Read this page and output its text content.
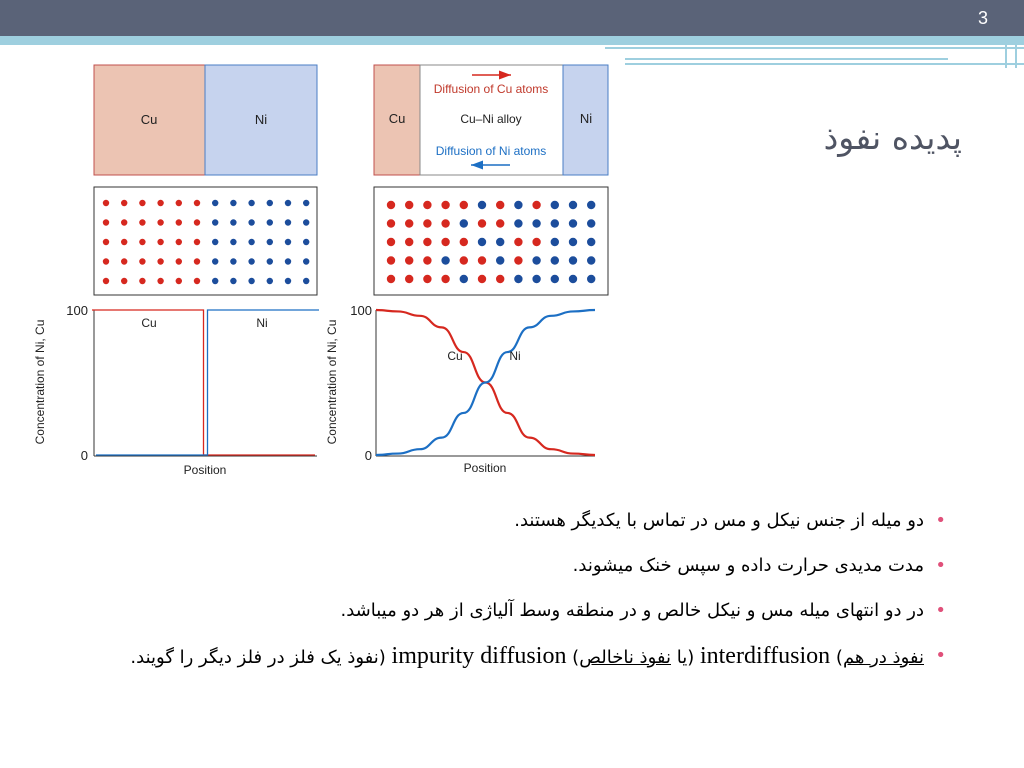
3
پدیده نفوذ
Cu	Ni	Cu	Ni
Cu–Ni alloy
Diffusion of Cu atoms
Diffusion of Ni atoms
Concentration of Ni, Cu
100
0
Position
Cu	Ni	Concentration of Ni, Cu
100
0
Position
Cu	Ni
• دو میله از جنس نیکل و مس در تماس با یکدیگر هستند.
• مدت مدیدی حرارت داده و سپس خنک میشوند.
• در دو انتهای میله مس و نیکل خالص و در منطقه وسط آلیاژی از هر دو میباشد.
• نفوذ در هم (interdiffusion) یا نفوذ ناخالص (impurity diffusion) نفوذ یک فلز در فلز دیگر را گویند.
